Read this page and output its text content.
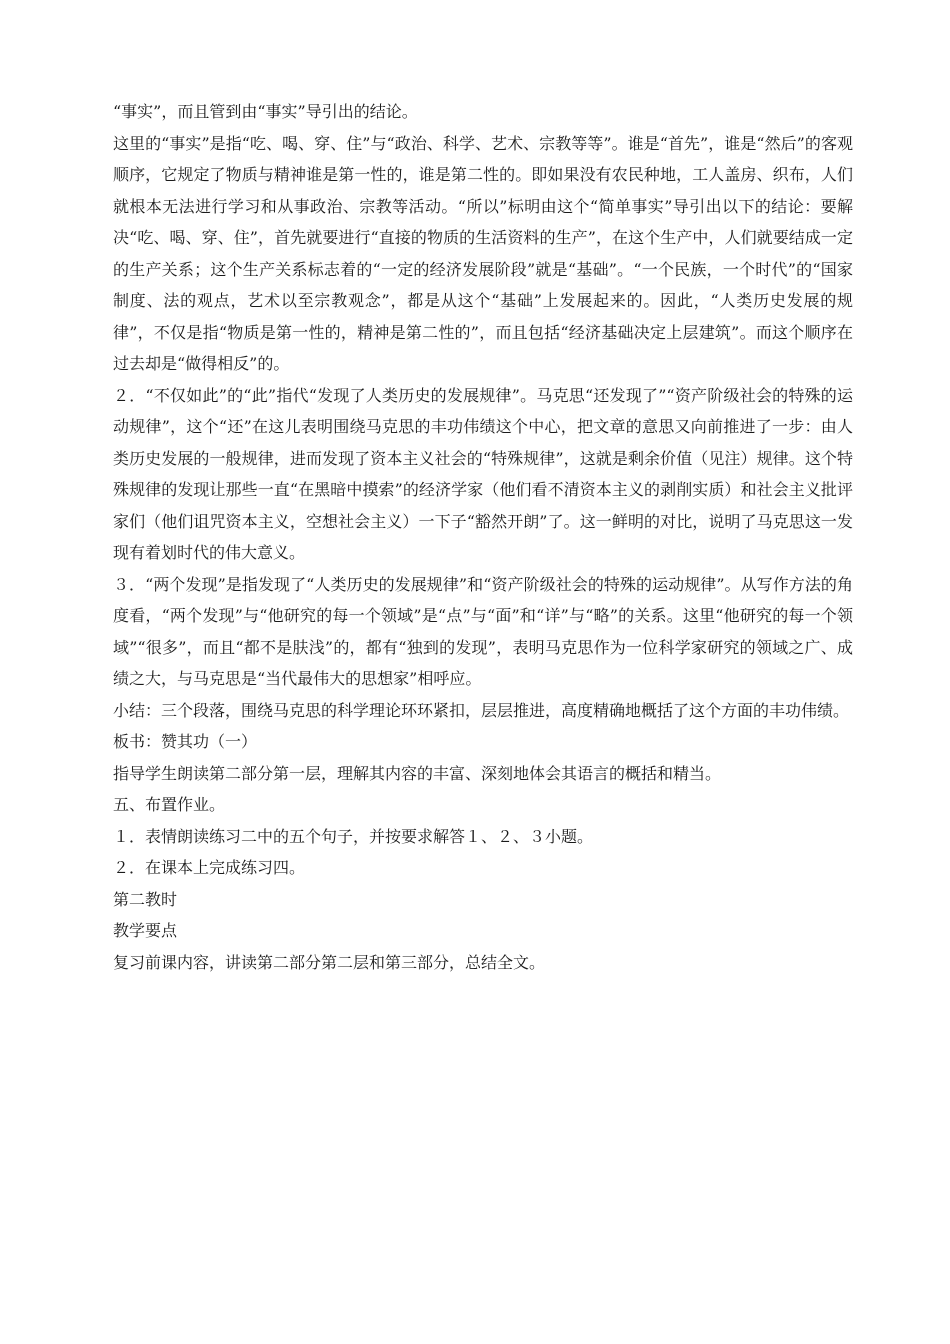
“事实”，而且管到由“事实”导引出的结论。

这里的“事实”是指“吃、喝、穿、住”与“政治、科学、艺术、宗教等等”。谁是“首先”，谁是“然后”的客观顺序，它规定了物质与精神谁是第一性的，谁是第二性的。即如果没有农民种地，工人盖房、织布，人们就根本无法进行学习和从事政治、宗教等活动。“所以”标明由这个“简单事实”导引出以下的结论：要解决“吃、喝、穿、住”，首先就要进行“直接的物质的生活资料的生产”，在这个生产中，人们就要结成一定的生产关系；这个生产关系标志着的“一定的经济发展阶段”就是“基础”。“一个民族，一个时代”的“国家制度、法的观点，艺术以至宗教观念”，都是从这个“基础”上发展起来的。因此，“人类历史发展的规律”，不仅是指“物质是第一性的，精神是第二性的”，而且包括“经济基础决定上层建筑”。而这个顺序在过去却是“做得相反”的。

２．“不仅如此”的“此”指代“发现了人类历史的发展规律”。马克思“还发现了”“资产阶级社会的特殊的运动规律”，这个“还”在这儿表明围绕马克思的丰功伟绩这个中心，把文章的意思又向前推进了一步：由人类历史发展的一般规律，进而发现了资本主义社会的“特殊规律”，这就是剩余价值（见注）规律。这个特殊规律的发现让那些一直“在黑暗中摸索”的经济学家（他们看不清资本主义的剥削实质）和社会主义批评家们（他们诅咒资本主义，空想社会主义）一下子“豁然开朗”了。这一鲜明的对比，说明了马克思这一发现有着划时代的伟大意义。

３．“两个发现”是指发现了“人类历史的发展规律”和“资产阶级社会的特殊的运动规律”。从写作方法的角度看，“两个发现”与“他研究的每一个领域”是“点”与“面”和“详”与“略”的关系。这里“他研究的每一个领域”“很多”，而且“都不是肤浅”的，都有“独到的发现”，表明马克思作为一位科学家研究的领域之广、成绩之大，与马克思是“当代最伟大的思想家”相呼应。

小结：三个段落，围绕马克思的科学理论环环紧扣，层层推进，高度精确地概括了这个方面的丰功伟绩。

板书：赞其功（一）

指导学生朗读第二部分第一层，理解其内容的丰富、深刻地体会其语言的概括和精当。

五、布置作业。

１．表情朗读练习二中的五个句子，并按要求解答１、２、３小题。

２．在课本上完成练习四。

第二教时

教学要点

复习前课内容，讲读第二部分第二层和第三部分，总结全文。
